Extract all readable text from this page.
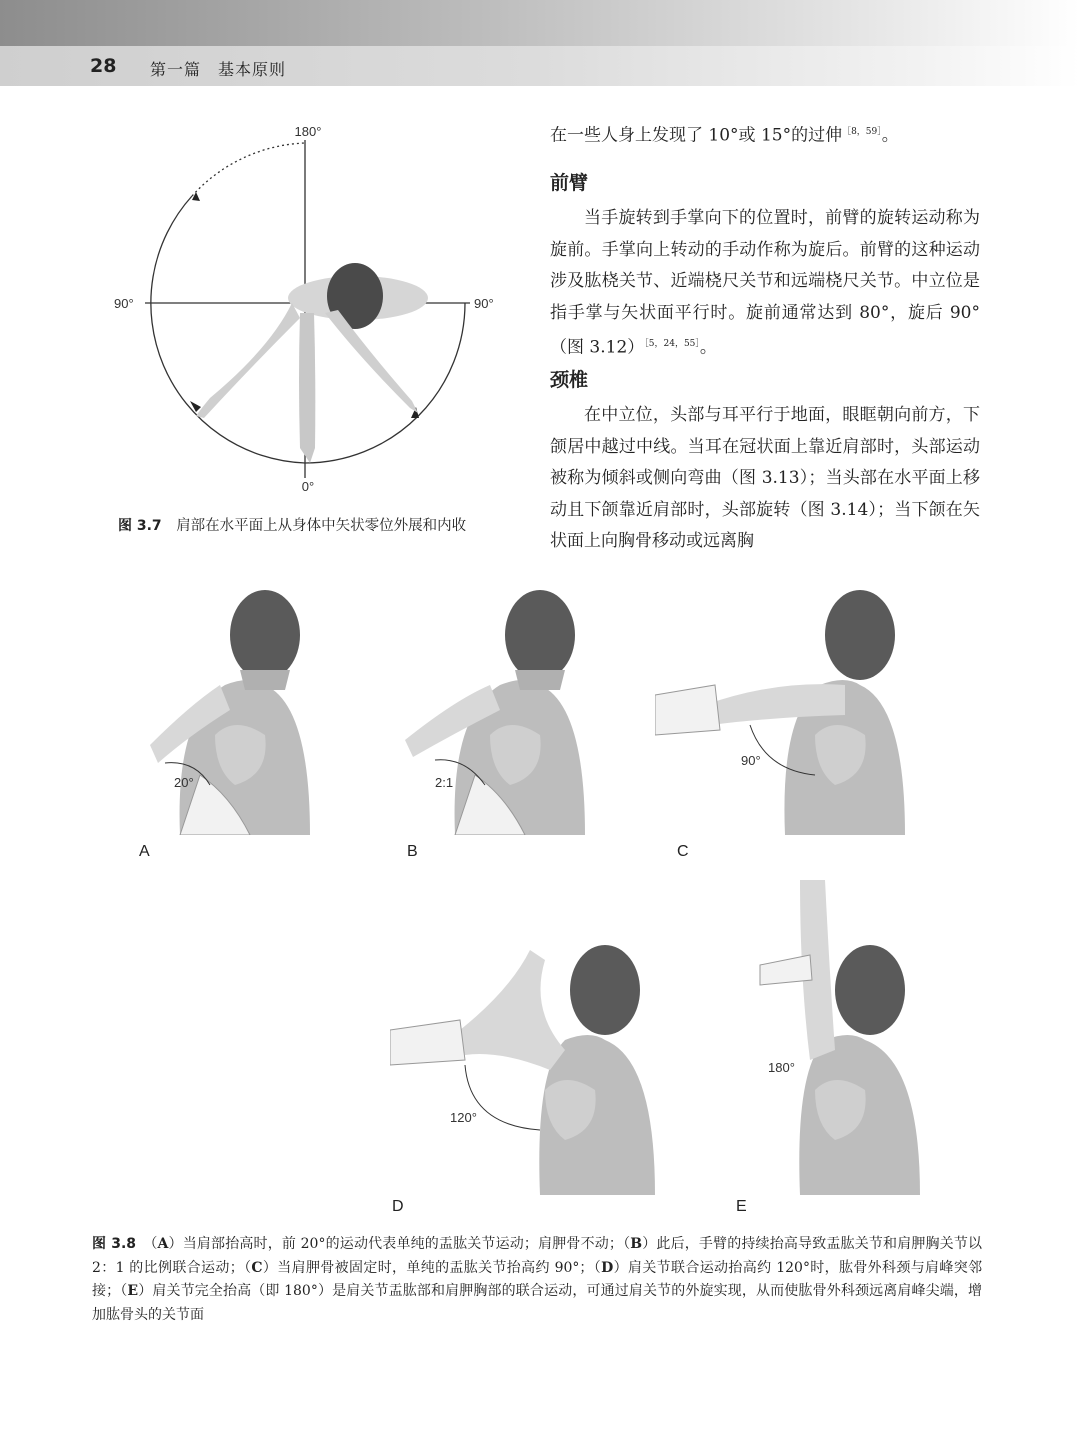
28 第一篇　基本原则
180°
90°	90°
0°
图 3.7　 肩部在水平面上从身体中矢状零位外展和内收

在一些人身上发现了 10°或 15°的过伸$^{[8,59]}$。

前臂

当手旋转到手掌向下的位置时，前臂的旋转运动称为旋前。手掌向上转动的手动作称为旋后。前臂的这种运动涉及肱桡关节、近端桡尺关节和远端桡尺关节。中立位是指手掌与矢状面平行时。旋前通常达到 80°，旋后 90°（图 3.12）$^{[5,24,55]}$。

颈椎

在中立位，头部与耳平行于地面，眼眶朝向前方，下颌居中越过中线。当耳在冠状面上靠近肩部时，头部运动被称为倾斜或侧向弯曲（图 3.13）；当头部在水平面上移动且下颌靠近肩部时，头部旋转（图 3.14）；当下颌在矢状面上向胸骨移动或远离胸

20°
A
2:1
B
90°
C
120°
D
180°
E

图 3.8　（A）当肩部抬高时，前 20°的运动代表单纯的盂肱关节运动；肩胛骨不动；（B）此后，手臂的持续抬高导致盂肱关节和肩胛胸关节以 2：1 的比例联合运动；（C）当肩胛骨被固定时，单纯的盂肱关节抬高约 90°；（D）肩关节联合运动抬高约 120°时，肱骨外科颈与肩峰突邻接；（E）肩关节完全抬高（即 180°）是肩关节盂肱部和肩胛胸部的联合运动，可通过肩关节的外旋实现，从而使肱骨外科颈远离肩峰尖端，增加肱骨头的关节面
